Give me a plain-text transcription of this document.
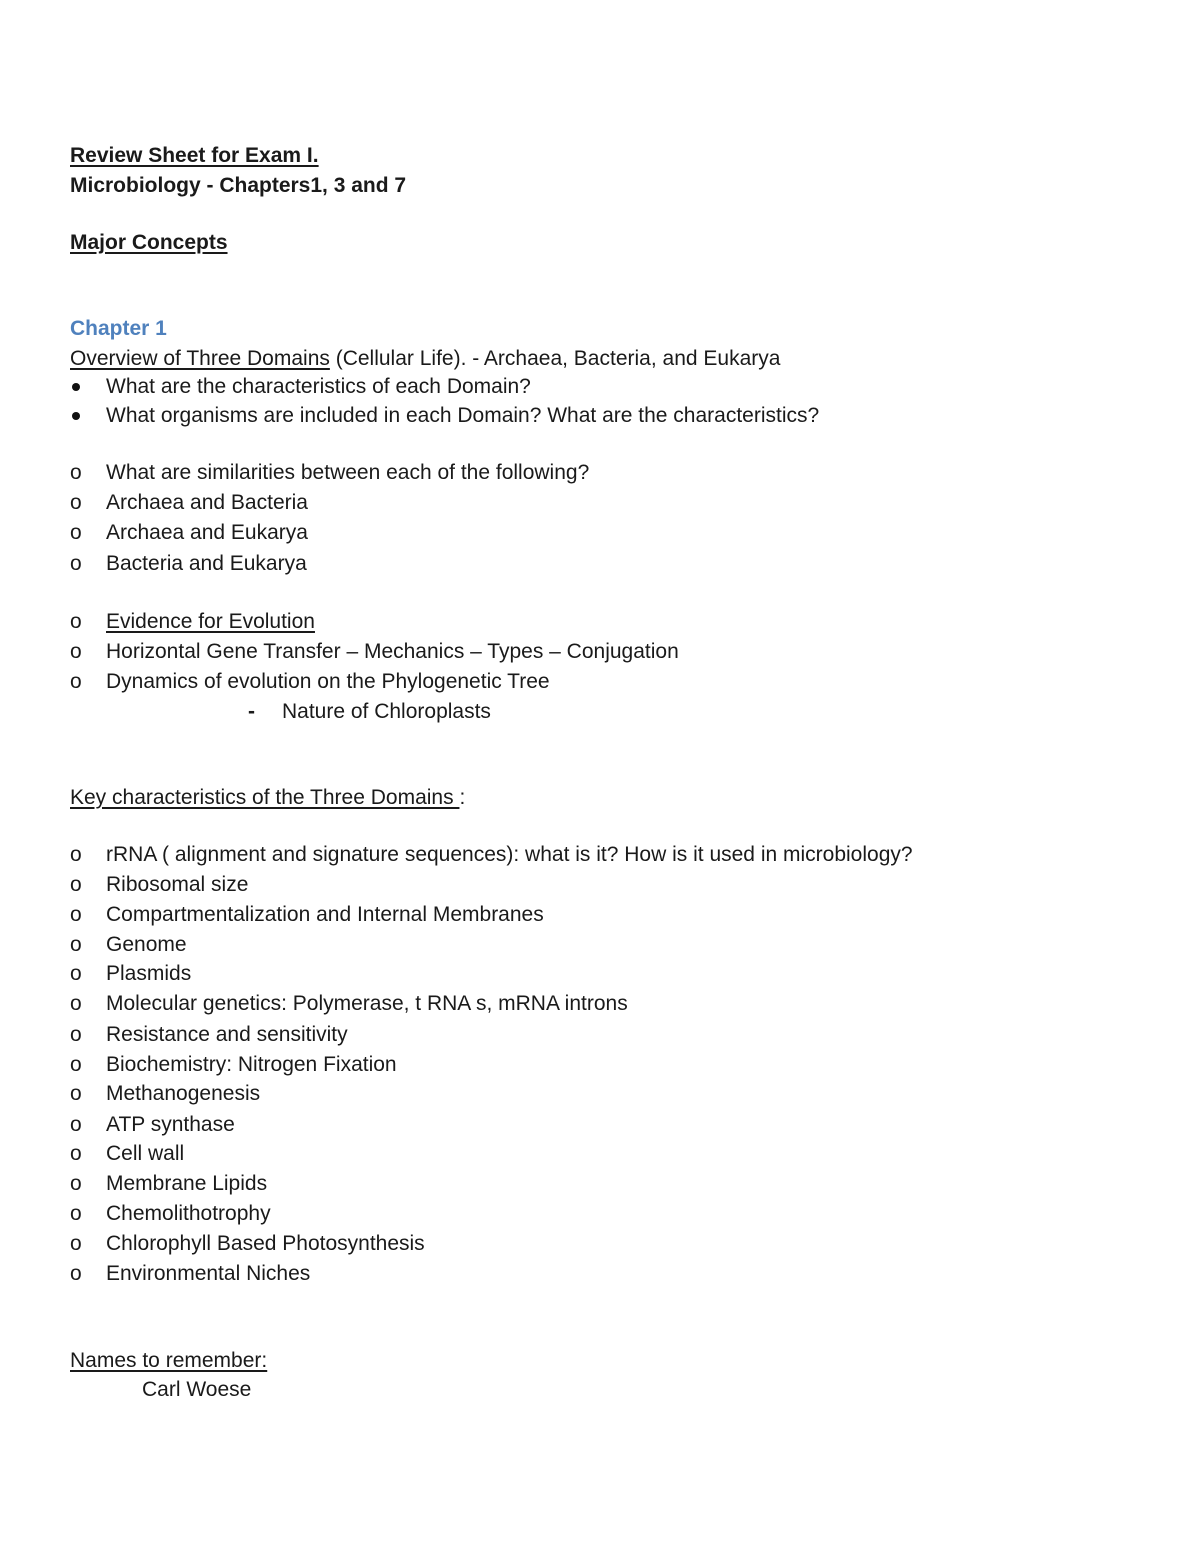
Review Sheet for Exam I.
Microbiology - Chapters1, 3 and 7
Major Concepts
Chapter 1
Overview of Three Domains (Cellular Life). - Archaea, Bacteria, and Eukarya
What are the characteristics of each Domain?
What organisms are included in each Domain? What are the characteristics?
o	What are similarities between each of the following?
o	Archaea and Bacteria
o	Archaea and Eukarya
o	Bacteria and Eukarya
o	Evidence for Evolution
o	Horizontal Gene Transfer – Mechanics – Types – Conjugation
o	Dynamics of evolution on the Phylogenetic Tree
- Nature of Chloroplasts
Key characteristics of the Three Domains :
o	rRNA ( alignment and signature sequences): what is it? How is it used in microbiology?
o	Ribosomal size
o	Compartmentalization and Internal Membranes
o	Genome
o	Plasmids
o	Molecular genetics: Polymerase, t RNA s, mRNA introns
o	Resistance and sensitivity
o	Biochemistry: Nitrogen Fixation
o	Methanogenesis
o	ATP synthase
o	Cell wall
o	Membrane Lipids
o	Chemolithotrophy
o	Chlorophyll Based Photosynthesis
o	Environmental Niches
Names to remember:
Carl Woese
